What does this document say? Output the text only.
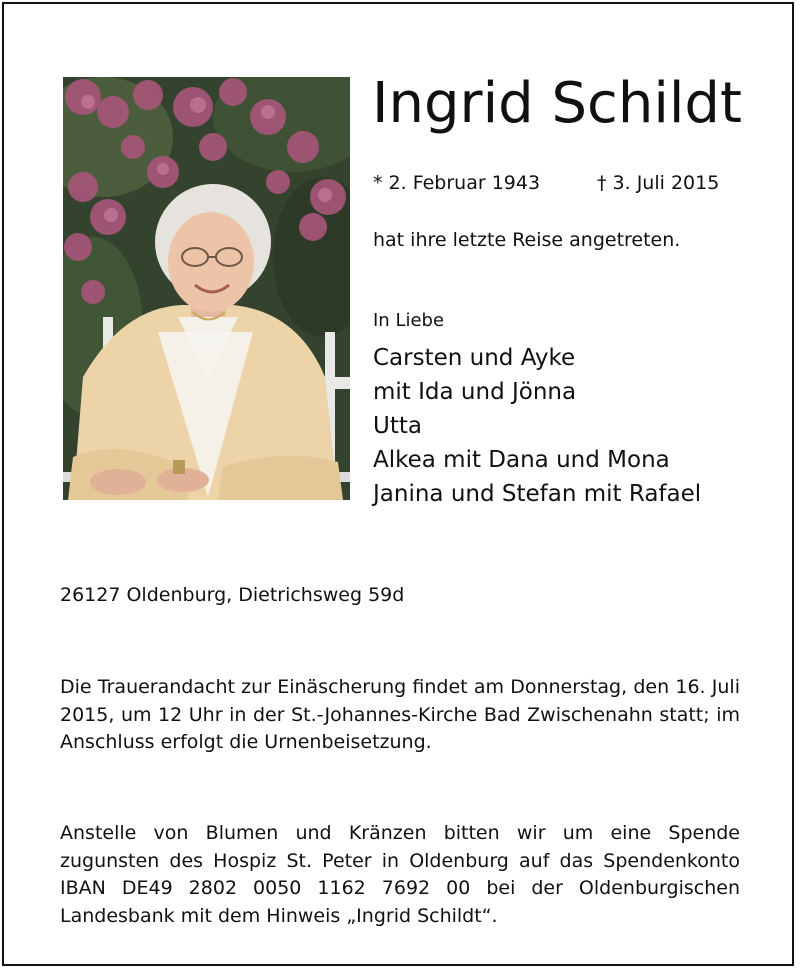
Ingrid Schildt
* 2. Februar 1943	† 3. Juli 2015
hat ihre letzte Reise angetreten.
In Liebe
Carsten und Ayke
mit Ida und Jönna
Utta
Alkea mit Dana und Mona
Janina und Stefan mit Rafael
26127 Oldenburg, Dietrichsweg 59d

Die Trauerandacht zur Einäscherung findet am Donnerstag, den 16. Juli 2015, um 12 Uhr in der St.-Johannes-Kirche Bad Zwischenahn statt; im Anschluss erfolgt die Urnenbeisetzung.

Anstelle von Blumen und Kränzen bitten wir um eine Spende zugunsten des Hospiz St. Peter in Oldenburg auf das Spendenkonto IBAN DE49 2802 0050 1162 7692 00 bei der Oldenburgischen Landesbank mit dem Hinweis „Ingrid Schildt“.
